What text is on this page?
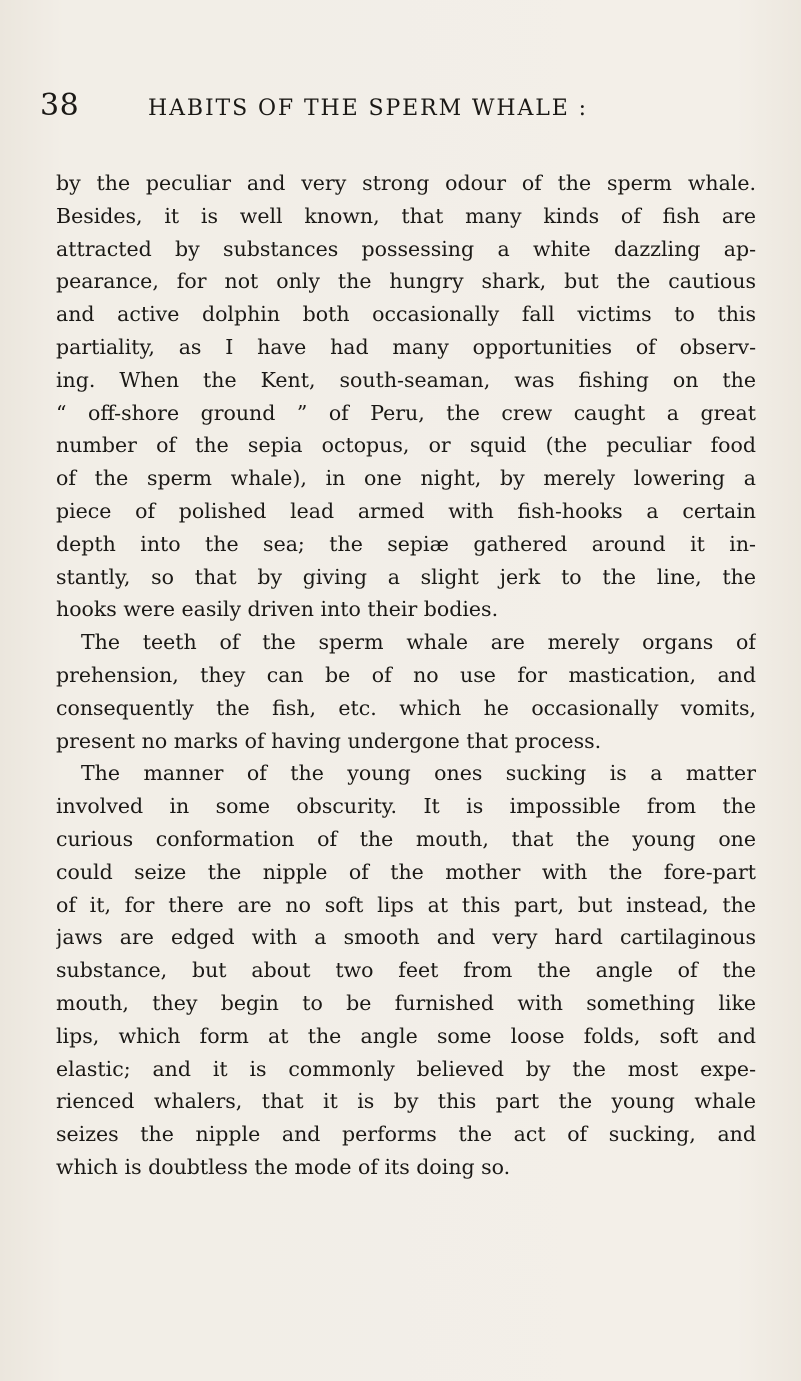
38	HABITS OF THE SPERM WHALE :
by the peculiar and very strong odour of the sperm whale.
Besides, it is well known, that many kinds of fish are
attracted by substances possessing a white dazzling ap-
pearance, for not only the hungry shark, but the cautious
and active dolphin both occasionally fall victims to this
partiality, as I have had many opportunities of observ-
ing. When the Kent, south-seaman, was fishing on the
“ off-shore ground ” of Peru, the crew caught a great
number of the sepia octopus, or squid (the peculiar food
of the sperm whale), in one night, by merely lowering a
piece of polished lead armed with fish-hooks a certain
depth into the sea; the sepiæ gathered around it in-
stantly, so that by giving a slight jerk to the line, the
hooks were easily driven into their bodies.
The teeth of the sperm whale are merely organs of
prehension, they can be of no use for mastication, and
consequently the fish, etc. which he occasionally vomits,
present no marks of having undergone that process.
The manner of the young ones sucking is a matter
involved in some obscurity. It is impossible from the
curious conformation of the mouth, that the young one
could seize the nipple of the mother with the fore-part
of it, for there are no soft lips at this part, but instead, the
jaws are edged with a smooth and very hard cartilaginous
substance, but about two feet from the angle of the
mouth, they begin to be furnished with something like
lips, which form at the angle some loose folds, soft and
elastic; and it is commonly believed by the most expe-
rienced whalers, that it is by this part the young whale
seizes the nipple and performs the act of sucking, and
which is doubtless the mode of its doing so.
